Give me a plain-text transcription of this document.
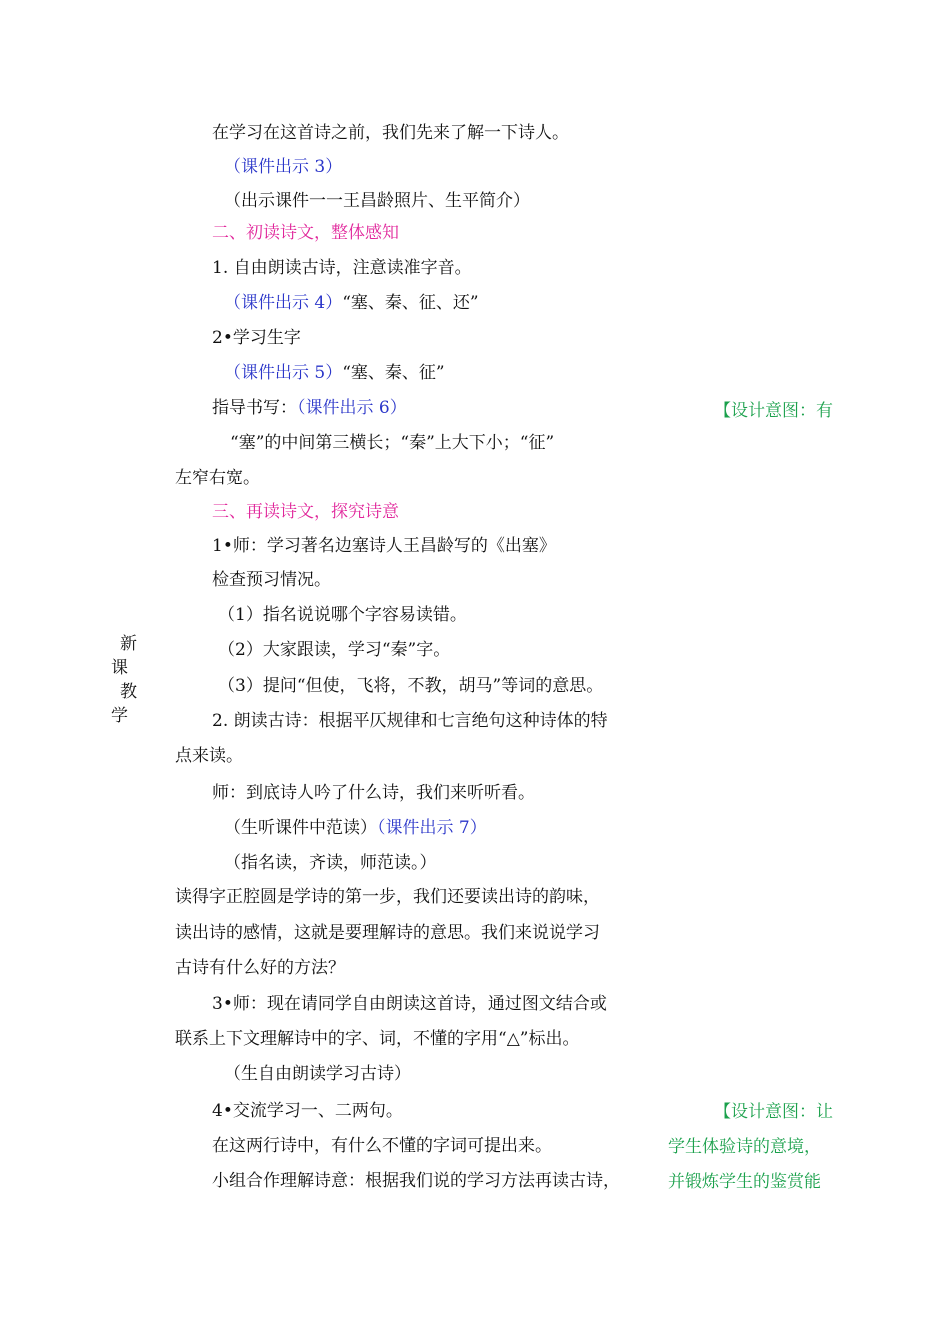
在学习在这首诗之前，我们先来了解一下诗人。
（课件出示 3）
（出示课件一一王昌龄照片、生平简介）
二、初读诗文，整体感知
1. 自由朗读古诗，注意读准字音。
（课件出示 4）“塞、秦、征、还”
2•学习生字
（课件出示 5）“塞、秦、征”
指导书写：（课件出示 6）
“塞”的中间第三横长；“秦”上大下小；“征”
左窄右宽。
三、再读诗文，探究诗意
1•师：学习著名边塞诗人王昌龄写的《出塞》
检查预习情况。
（1）指名说说哪个字容易读错。
（2）大家跟读，学习“秦”字。
（3）提问“但使，飞将，不教，胡马”等词的意思。
2. 朗读古诗：根据平仄规律和七言绝句这种诗体的特
点来读。
师：到底诗人吟了什么诗，我们来听听看。
（生听课件中范读）（课件出示 7）
（指名读，齐读，师范读。）
读得字正腔圆是学诗的第一步，我们还要读出诗的韵味，
读出诗的感情，这就是要理解诗的意思。我们来说说学习
古诗有什么好的方法？
3•师：现在请同学自由朗读这首诗，通过图文结合或
联系上下文理解诗中的字、词，不懂的字用“△”标出。
（生自由朗读学习古诗）
4•交流学习一、二两句。
在这两行诗中，有什么不懂的字词可提出来。
小组合作理解诗意：根据我们说的学习方法再读古诗，
新
课
教
学
【设计意图：有
【设计意图：让
学生体验诗的意境，
并锻炼学生的鉴赏能
